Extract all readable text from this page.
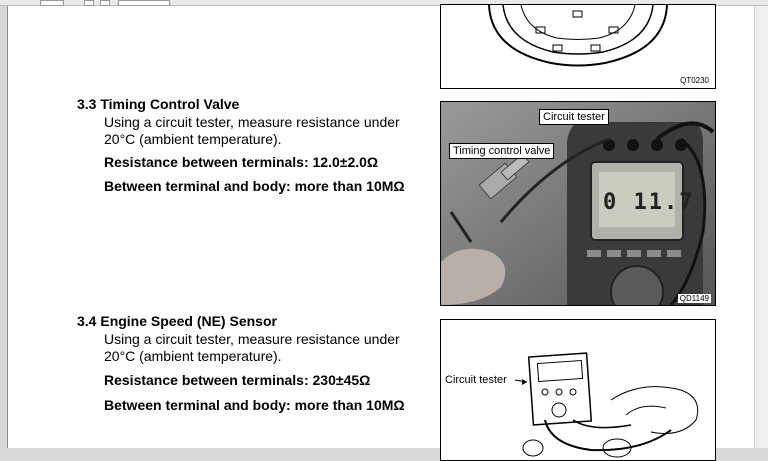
QT0230
3.3 Timing Control Valve
Using a circuit tester, measure resistance under
20°C (ambient temperature).
Resistance between terminals: 12.0±2.0Ω
Between terminal and body: more than 10MΩ
0 11.7
Circuit tester
Timing control valve
QD1149
3.4 Engine Speed (NE) Sensor
Using a circuit tester, measure resistance under
20°C (ambient temperature).
Resistance between terminals: 230±45Ω
Between terminal and body: more than 10MΩ
Circuit tester
